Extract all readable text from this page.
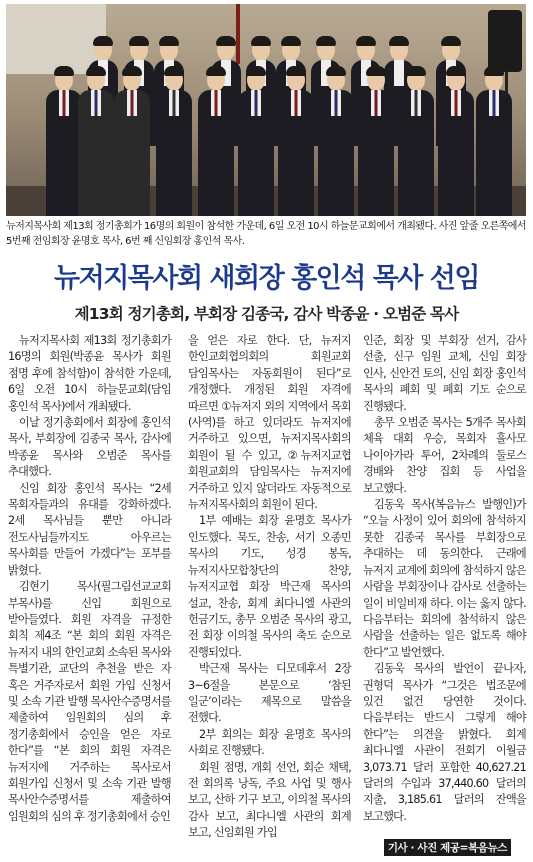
뉴저지목사회 제13회 정기총회가 16명의 회원이 참석한 가운데, 6일 오전 10시 하늘문교회에서 개최됐다. 사진 앞줄 오른쪽에서 5번째 전임회장 윤명호 목사, 6번 째 신임회장 홍인석 목사.
뉴저지목사회 새회장 홍인석 목사 선임
제13회 정기총회, 부회장 김종국, 감사 박종윤 · 오범준 목사

뉴저지목사회 제13회 정기총회가 16명의 회원(박종윤 목사가 회원 점명 후에 참석함)이 참석한 가운데, 6일 오전 10시 하늘문교회(담임 홍인석 목사)에서 개최됐다.

이날 정기총회에서 회장에 홍인석 목사, 부회장에 김종국 목사, 감사에 박종윤 목사와 오범준 목사를 추대했다.

신임 회장 홍인석 목사는 “2세 목회자들과의 유대를 강화하겠다. 2세 목사님들 뿐만 아니라 전도사님들까지도 아우르는 목사회를 만들어 가겠다”는 포부를 밝혔다.

김현기 목사(필그림선교교회 부목사)를 신입 회원으로 받아들였다. 회원 자격을 규정한 회칙 제4조 “본 회의 회원 자격은 뉴저지 내의 한인교회 소속된 목사와 특별기관, 교단의 추천을 받은 자 혹은 거주자로서 회원 가입 신청서 및 소속 기관 발행 목사안수증명서를 제출하여 임원회의 심의 후 정기총회에서 승인을 얻은 자로 한다”를 “본 회의 회원 자격은 뉴저지에 거주하는 목사로서 회원가입 신청서 및 소속 기관 발행 목사안수증명서를 제출하여 임원회의 심의 후 정기총회에서 승인

을 얻은 자로 한다. 단, 뉴저지 한인교회협의회의 회원교회 담임목사는 자동회원이 된다”로 개정했다. 개정된 회원 자격에 따르면 ①뉴저지 외의 지역에서 목회(사역)를 하고 있더라도 뉴저지에 거주하고 있으면, 뉴저지목사회의 회원이 될 수 있고, ②뉴저지교협 회원교회의 담임목사는 뉴저지에 거주하고 있지 않더라도 자동적으로 뉴저지목사회의 회원이 된다.

1부 예배는 회장 윤명호 목사가 인도했다. 묵도, 찬송, 서기 오종민 목사의 기도, 성경 봉독, 뉴저지사모합창단의 찬양, 뉴저지교협 회장 박근재 목사의 설교, 찬송, 회계 최다니엘 사관의 헌금기도, 총무 오범준 목사의 광고, 전 회장 이의철 목사의 축도 순으로 진행되었다.

박근재 목사는 디모데후서 2장 3~6절을 본문으로 ‘참된 일군’이라는 제목으로 말씀을 전했다.

2부 회의는 회장 윤명호 목사의 사회로 진행됐다.

회원 점명, 개회 선언, 회순 채택, 전 회의록 낭독, 주요 사업 및 행사 보고, 산하 기구 보고, 이의철 목사의 감사 보고, 최다니엘 사관의 회계 보고, 신임회원 가입

인준, 회장 및 부회장 선거, 감사 선출, 신구 임원 교체, 신임 회장 인사, 신안건 토의, 신임 회장 홍인석 목사의 폐회 및 폐회 기도 순으로 진행됐다.

총무 오범준 목사는 5개주 목사회 체육 대회 우승, 목회자 흘사모 나이아가라 투어, 2차례의 둘로스 경배와 찬양 집회 등 사업을 보고했다.

김동욱 목사(복음뉴스 발행인)가 “오늘 사정이 있어 회의에 참석하지 못한 김종국 목사를 부회장으로 추대하는 데 동의한다. 근래에 뉴저지 교계에 회의에 참석하지 않은 사람을 부회장이나 감사로 선출하는 일이 비일비재 하다. 이는 옳지 않다. 다음부터는 회의에 참석하지 않은 사람을 선출하는 일은 없도록 해야 한다”고 발언했다.

김동욱 목사의 발언이 끝나자, 권형덕 목사가 “그것은 법조문에 있건 없건 당연한 것이다. 다음부터는 반드시 그렇게 해야 한다”는 의견을 밝혔다. 회계 최다니엘 사관이 전회기 이월금 3,073.71 달러 포함한 40,627.21 달러의 수입과 37,440.60 달러의 지출, 3,185.61 달러의 잔액을 보고했다.

기사 · 사진 제공=복음뉴스
